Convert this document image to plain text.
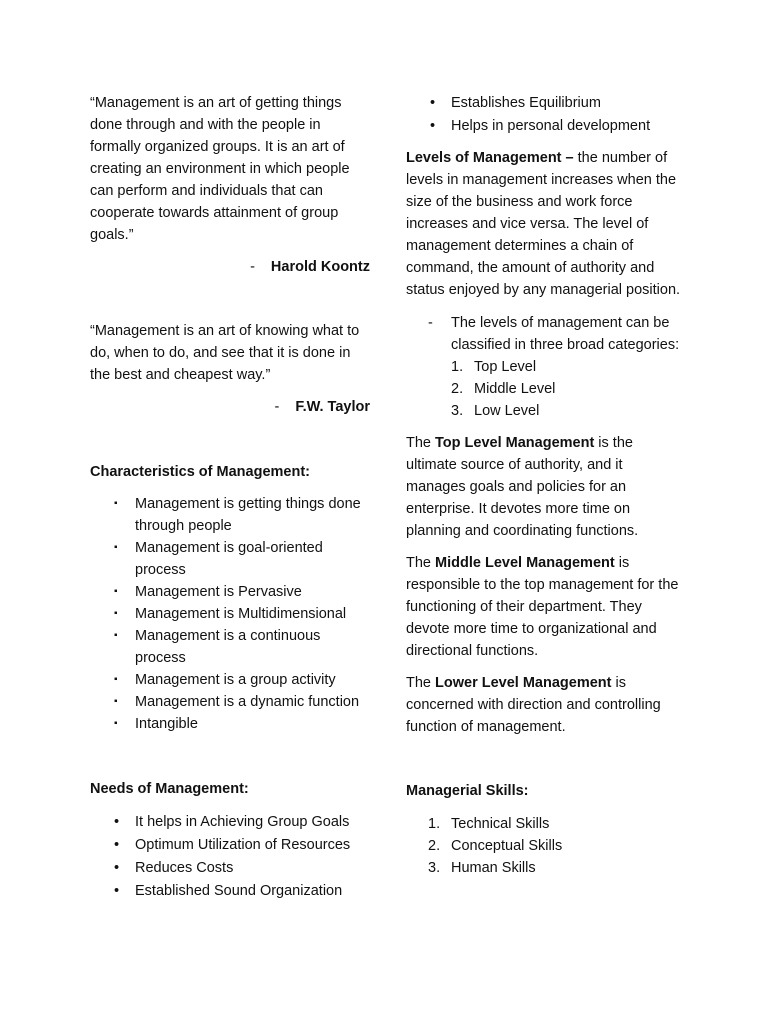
“Management is an art of getting things done through and with the people in formally organized groups. It is an art of creating an environment in which people can perform and individuals that can cooperate towards attainment of group goals.”

- Harold Koontz

“Management is an art of knowing what to do, when to do, and see that it is done in the best and cheapest way.”

- F.W. Taylor

Characteristics of Management:

▪ Management is getting things done through people
▪ Management is goal-oriented process
▪ Management is Pervasive
▪ Management is Multidimensional
▪ Management is a continuous process
▪ Management is a group activity
▪ Management is a dynamic function
▪ Intangible

Needs of Management:

• It helps in Achieving Group Goals
• Optimum Utilization of Resources
• Reduces Costs
• Established Sound Organization
• Establishes Equilibrium
• Helps in personal development

Levels of Management – the number of levels in management increases when the size of the business and work force increases and vice versa. The level of management determines a chain of command, the amount of authority and status enjoyed by any managerial position.

- The levels of management can be classified in three broad categories:
1. Top Level
2. Middle Level
3. Low Level

The Top Level Management is the ultimate source of authority, and it manages goals and policies for an enterprise. It devotes more time on planning and coordinating functions.

The Middle Level Management is responsible to the top management for the functioning of their department. They devote more time to organizational and directional functions.

The Lower Level Management is concerned with direction and controlling function of management.

Managerial Skills:

1. Technical Skills
2. Conceptual Skills
3. Human Skills
